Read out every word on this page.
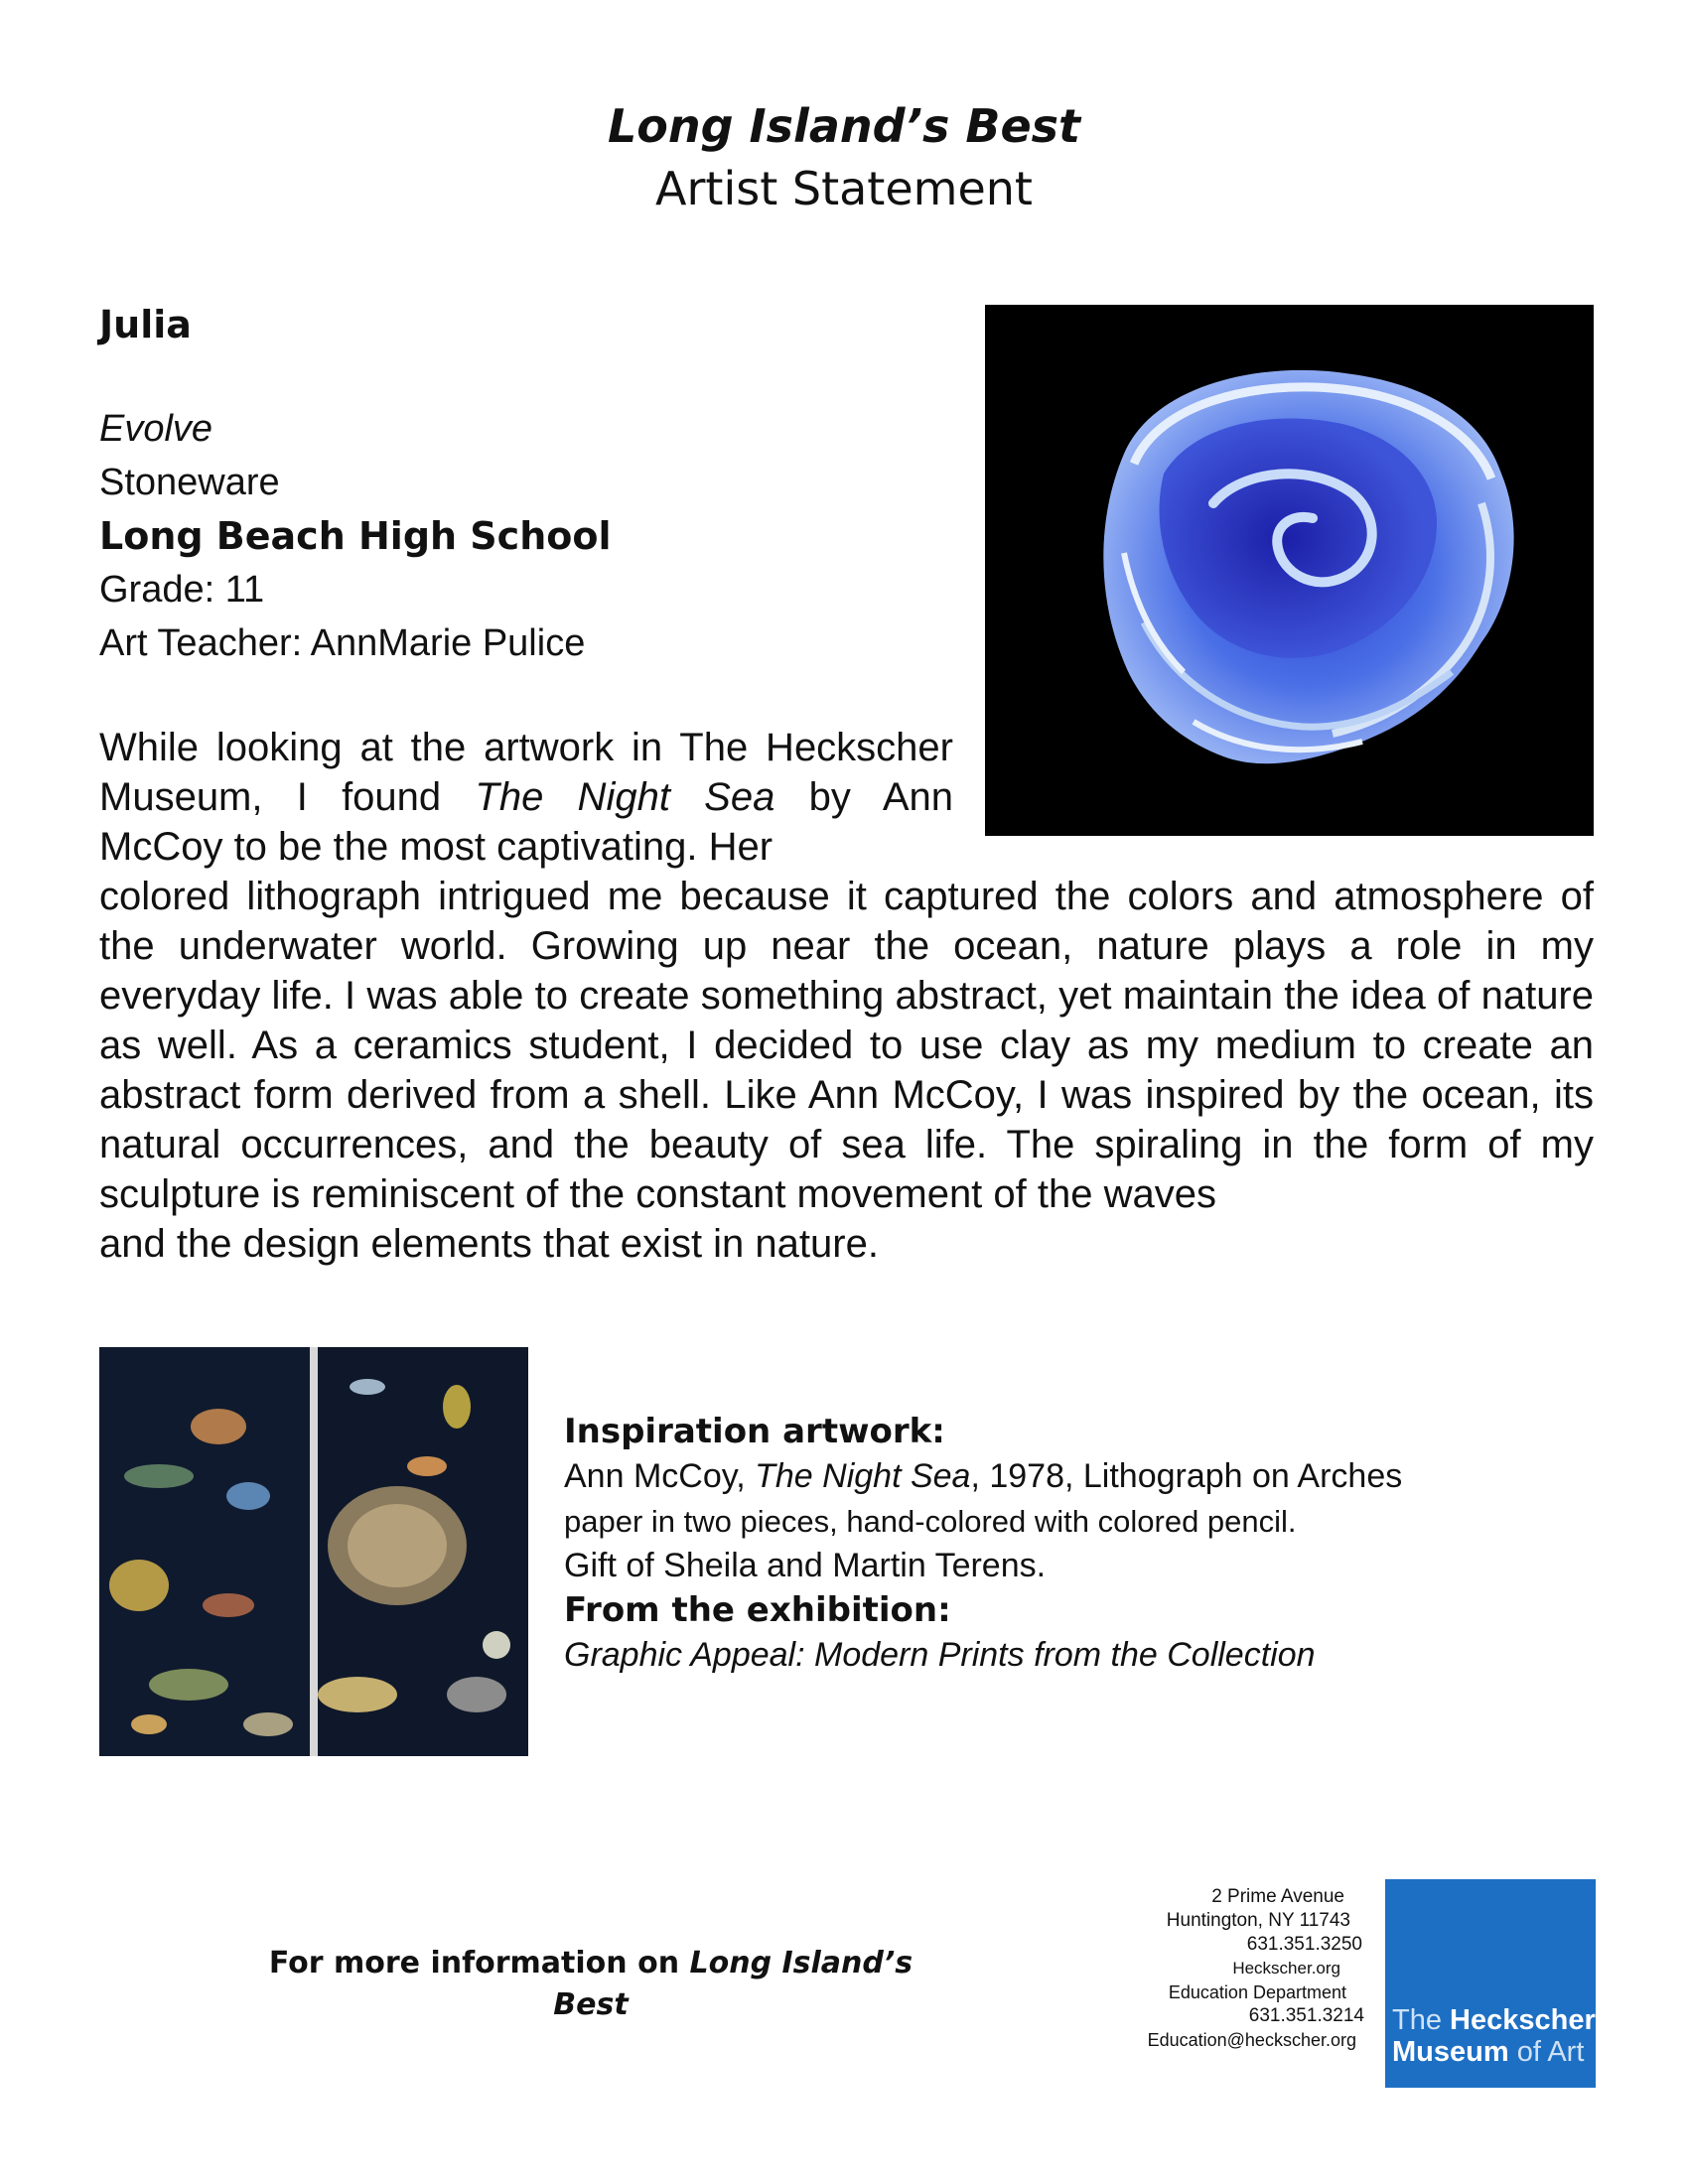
Long Island’s Best
Artist Statement
Julia
Evolve
Stoneware
Long Beach High School
Grade: 11
Art Teacher: AnnMarie Pulice
While looking at the artwork in The Heckscher
Museum, I found The Night Sea by Ann
McCoy to be the most captivating. Her
colored lithograph intrigued me because it captured the colors and atmosphere of the underwater world. Growing up near the ocean, nature plays a role in my everyday life. I was able to create something abstract, yet maintain the idea of nature as well. As a ceramics student, I decided to use clay as my medium to create an abstract form derived from a shell. Like Ann McCoy, I was inspired by the ocean, its natural occurrences, and the beauty of sea life. The spiraling in the form of my sculpture is reminiscent of the constant movement of the waves
and the design elements that exist in nature.
Inspiration artwork:
Ann McCoy, The Night Sea, 1978, Lithograph on Arches
paper in two pieces, hand-colored with colored pencil.
Gift of Sheila and Martin Terens.
From the exhibition:
Graphic Appeal: Modern Prints from the Collection
For more information on Long Island’s
Best
2 Prime Avenue
Huntington, NY 11743
631.351.3250
Heckscher.org
Education Department
631.351.3214
Education@heckscher.org
The Heckscher
Museum of Art
